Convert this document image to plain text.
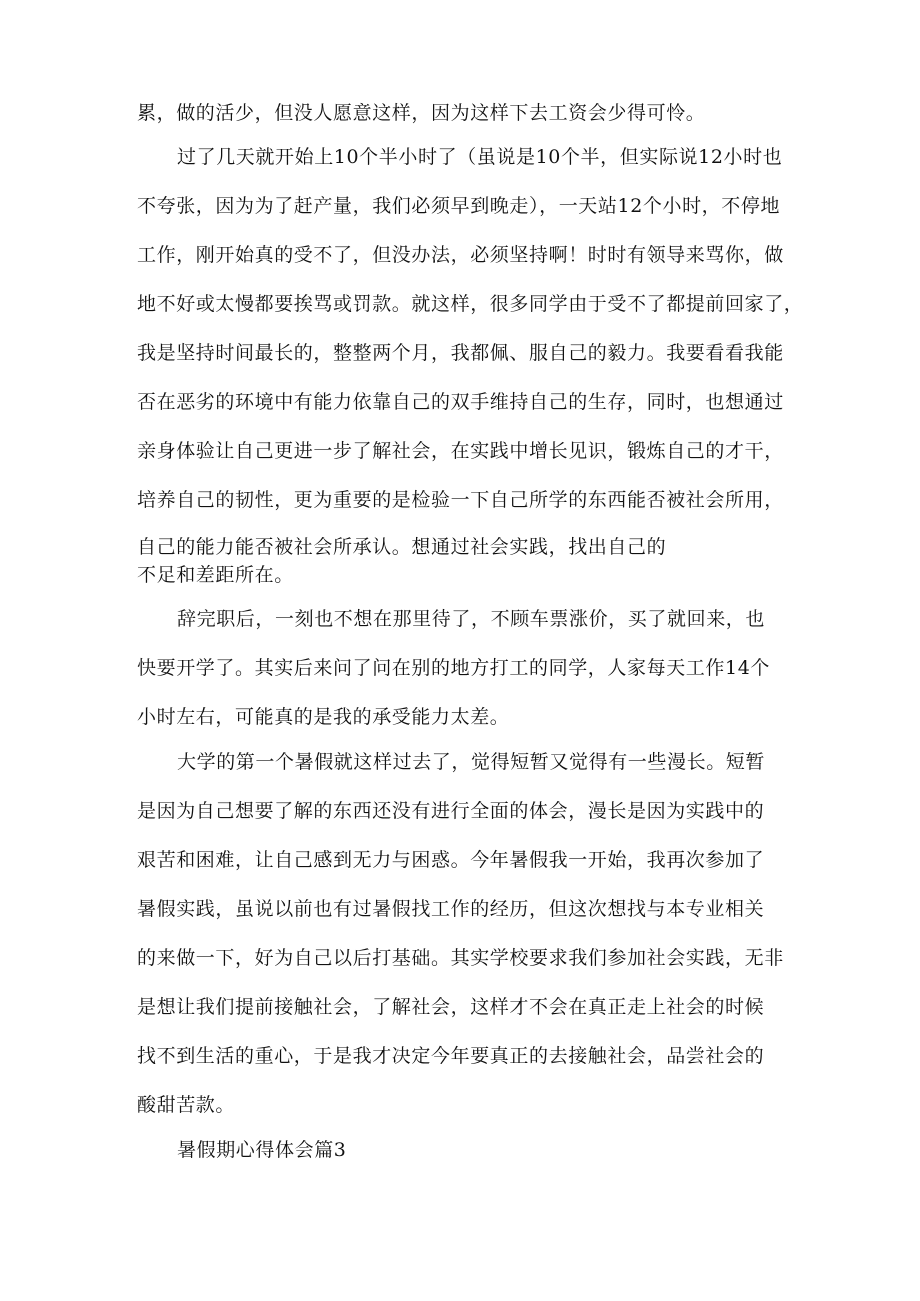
累，做的活少，但没人愿意这样，因为这样下去工资会少得可怜。
过了几天就开始上10个半小时了（虽说是10个半，但实际说12小时也
不夸张，因为为了赶产量，我们必须早到晚走），一天站12个小时，不停地
工作，刚开始真的受不了，但没办法，必须坚持啊！时时有领导来骂你，做
地不好或太慢都要挨骂或罚款。就这样，很多同学由于受不了都提前回家了，
我是坚持时间最长的，整整两个月，我都佩、服自己的毅力。我要看看我能
否在恶劣的环境中有能力依靠自己的双手维持自己的生存，同时，也想通过
亲身体验让自己更进一步了解社会，在实践中增长见识，锻炼自己的才干，
培养自己的韧性，更为重要的是检验一下自己所学的东西能否被社会所用，
自己的能力能否被社会所承认。想通过社会实践，找出自己的
不足和差距所在。
辞完职后，一刻也不想在那里待了，不顾车票涨价，买了就回来，也
快要开学了。其实后来问了问在别的地方打工的同学，人家每天工作14个
小时左右，可能真的是我的承受能力太差。
大学的第一个暑假就这样过去了，觉得短暂又觉得有一些漫长。短暂
是因为自己想要了解的东西还没有进行全面的体会，漫长是因为实践中的
艰苦和困难，让自己感到无力与困惑。今年暑假我一开始，我再次参加了
暑假实践，虽说以前也有过暑假找工作的经历，但这次想找与本专业相关
的来做一下，好为自己以后打基础。其实学校要求我们参加社会实践，无非
是想让我们提前接触社会，了解社会，这样才不会在真正走上社会的时候
找不到生活的重心，于是我才决定今年要真正的去接触社会，品尝社会的
酸甜苦款。
暑假期心得体会篇3
